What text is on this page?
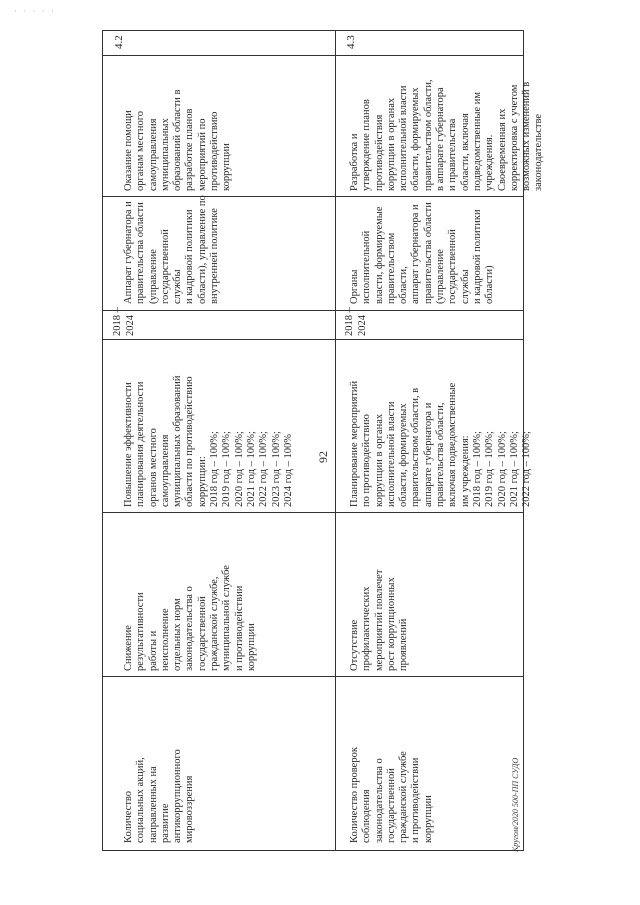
· · · · ·
92
Кругом/2020 500-ПП СУДО
4.2
Оказание помощи
органам местного
самоуправления
муниципальных
образований области в
разработке планов
мероприятий по
противодействию
коррупции
Аппарат губернатора и
правительства области
(управление
государственной службы
и кадровой политики
области), управление по
внутренней политике
2018 –
2024
Повышение эффективности
планирования деятельности
органов местного
самоуправления
муниципальных образований
области по противодействию
коррупции:
2018 год – 100%;
2019 год – 100%;
2020 год – 100%;
2021 год – 100%;
2022 год – 100%;
2023 год – 100%;
2024 год – 100%
Снижение
результативности
работы и
неисполнение
отдельных норм
законодательства о
государственной
гражданской службе,
муниципальной службе
и противодействии
коррупции
Количество
социальных акций,
направленных на
развитие
антикоррупционного
мировоззрения
4.3
Разработка и
утверждение планов
противодействия
коррупции в органах
исполнительной власти
области, формируемых
правительством области,
в аппарате губернатора
и правительства
области, включая
подведомственные им
учреждения.
Своевременная их
корректировка с учетом
возможных изменений в
законодательстве
Органы исполнительной
власти, формируемые
правительством области,
аппарат губернатора и
правительства области
(управление
государственной службы
и кадровой политики
области)
2018 –
2024
Планирование мероприятий
по противодействию
коррупции в органах
исполнительной власти
области, формируемых
правительством области, в
аппарате губернатора и
правительства области,
включая подведомственные
им учреждения:
2018 год – 100%;
2019 год – 100%;
2020 год – 100%;
2021 год – 100%;
2022 год – 100%;
Отсутствие
профилактических
мероприятий повлечет
рост коррупционных
проявлений
Количество проверок
соблюдения
законодательства о
государственной
гражданской службе
и противодействии
коррупции
